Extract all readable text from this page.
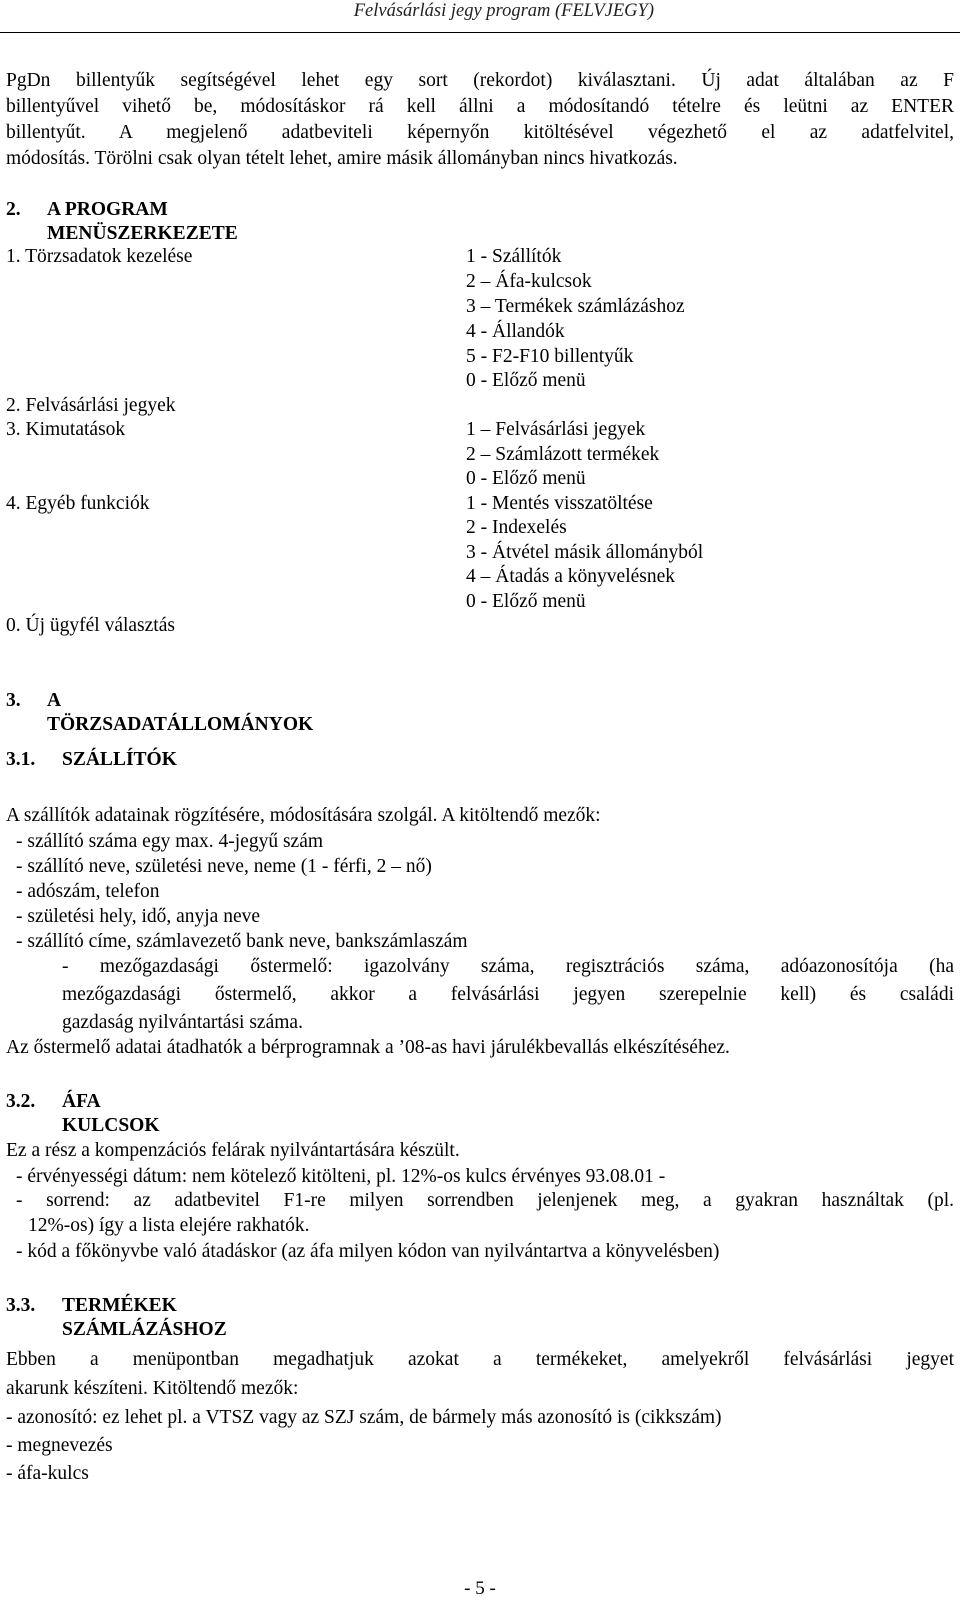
Felvásárlási jegy program (FELVJEGY)
PgDn billentyűk segítségével lehet egy sort (rekordot) kiválasztani. Új adat általában az F
billentyűvel vihető be, módosításkor rá kell állni a módosítandó tételre és leütni az ENTER
billentyűt. A megjelenő adatbeviteli képernyőn kitöltésével végezhető el az adatfelvitel,
módosítás. Törölni csak olyan tételt lehet, amire másik állományban nincs hivatkozás.
2. A PROGRAM MENÜSZERKEZETE
1. Törzsadatok kezelése	1 - Szállítók
2 – Áfa-kulcsok
3 – Termékek számlázáshoz
4 - Állandók
5 - F2-F10 billentyűk
0 - Előző menü
2. Felvásárlási jegyek
3. Kimutatások	1 – Felvásárlási jegyek
2 – Számlázott termékek
0 - Előző menü
4. Egyéb funkciók	1 - Mentés visszatöltése
2 - Indexelés
3 - Átvétel másik állományból
4 – Átadás a könyvelésnek
0 - Előző menü
0. Új ügyfél választás
3. A TÖRZSADATÁLLOMÁNYOK
3.1. SZÁLLÍTÓK
A szállítók adatainak rögzítésére, módosítására szolgál. A kitöltendő mezők:
- szállító száma egy max. 4-jegyű szám
- szállító neve, születési neve, neme (1 - férfi, 2 – nő)
- adószám, telefon
- születési hely, idő, anyja neve
- szállító címe, számlavezető bank neve, bankszámlaszám
- mezőgazdasági őstermelő: igazolvány száma, regisztrációs száma, adóazonosítója (ha
mezőgazdasági őstermelő, akkor a felvásárlási jegyen szerepelnie kell) és családi
gazdaság nyilvántartási száma.
Az őstermelő adatai átadhatók a bérprogramnak a ’08-as havi járulékbevallás elkészítéséhez.
3.2. ÁFA KULCSOK
Ez a rész a kompenzációs felárak nyilvántartására készült.
- érvényességi dátum: nem kötelező kitölteni, pl. 12%-os kulcs érvényes 93.08.01 -
- sorrend: az adatbevitel F1-re milyen sorrendben jelenjenek meg, a gyakran használtak (pl.
12%-os) így a lista elejére rakhatók.
- kód a főkönyvbe való átadáskor (az áfa milyen kódon van nyilvántartva a könyvelésben)
3.3. TERMÉKEK SZÁMLÁZÁSHOZ
Ebben a menüpontban megadhatjuk azokat a termékeket, amelyekről felvásárlási jegyet
akarunk készíteni. Kitöltendő mezők:
- azonosító: ez lehet pl. a VTSZ vagy az SZJ szám, de bármely más azonosító is (cikkszám)
- megnevezés
- áfa-kulcs
- 5 -
